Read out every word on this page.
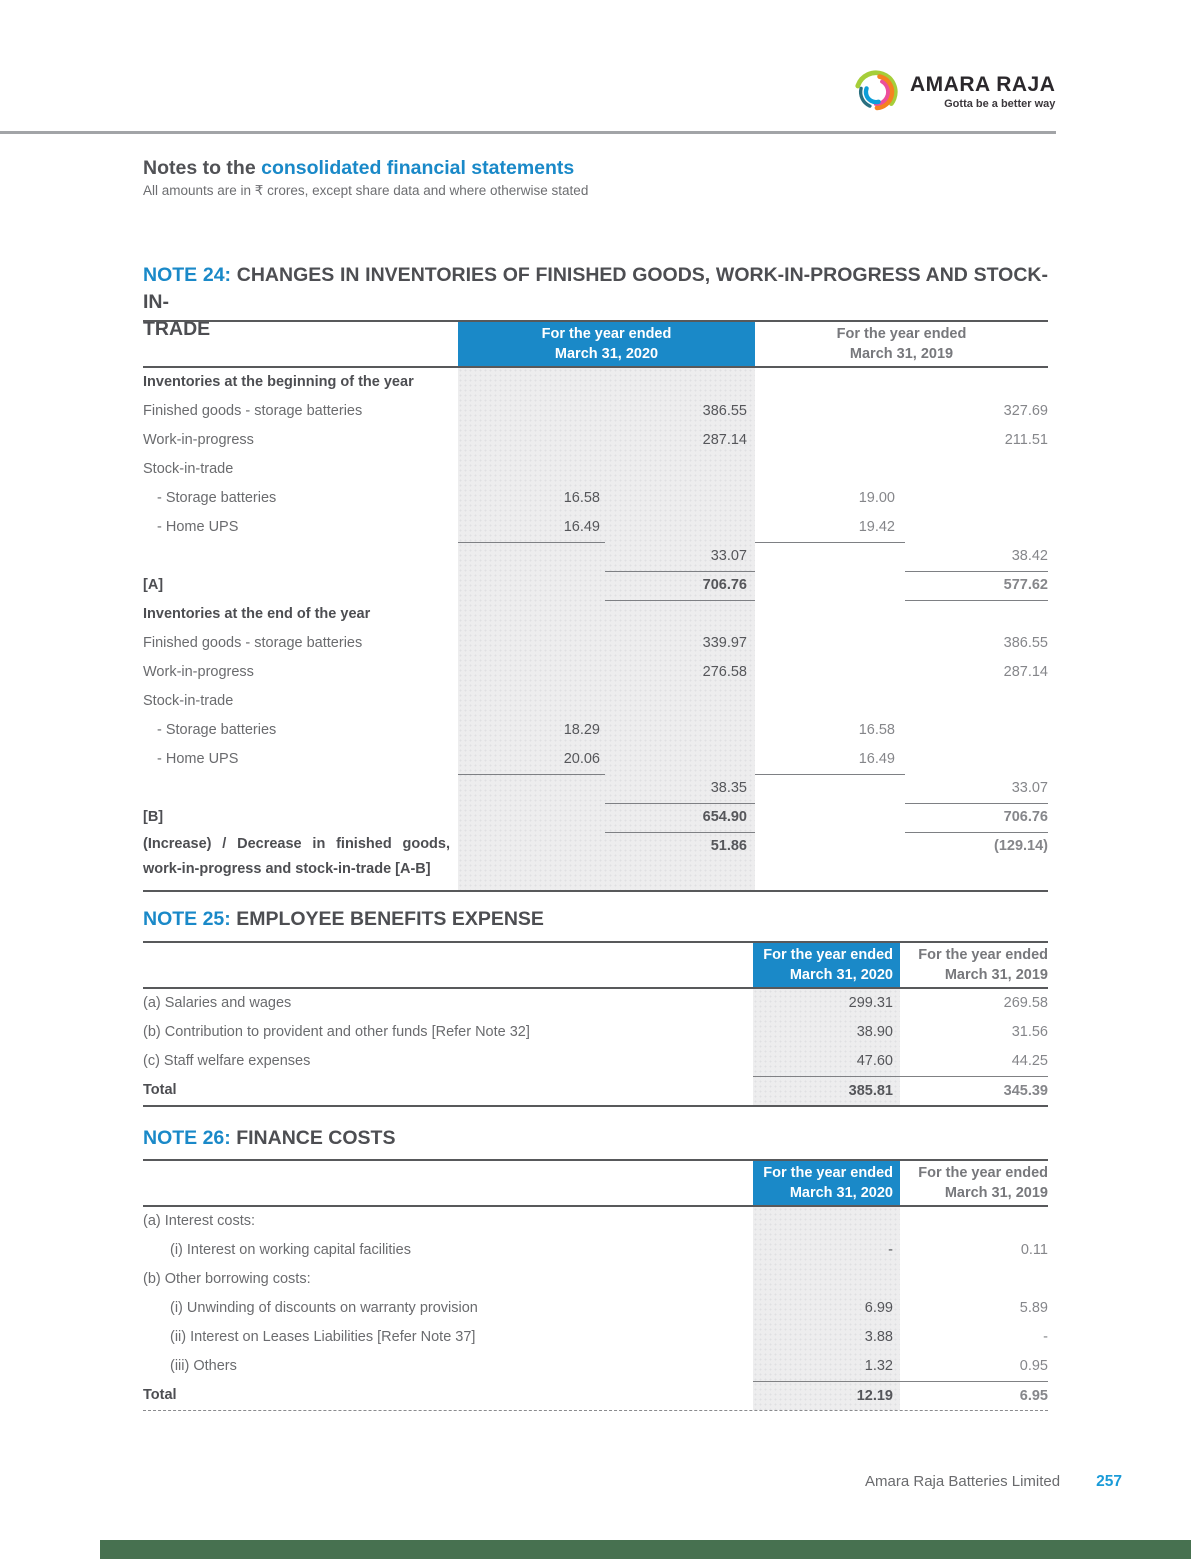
AMARA RAJA
Gotta be a better way
Notes to the consolidated financial statements

All amounts are in ₹ crores, except share data and where otherwise stated

NOTE 24: CHANGES IN INVENTORIES OF FINISHED GOODS, WORK-IN-PROGRESS AND STOCK-IN-
TRADE	For the year ended
March 31, 2020
For the year ended
March 31, 2019
Inventories at the beginning of the year
Finished goods - storage batteries	386.55	327.69
Work-in-progress	287.14	211.51
Stock-in-trade
- Storage batteries	16.58	19.00
- Home UPS	16.49	19.42
33.07	38.42
[A]	706.76	577.62
Inventories at the end of the year
Finished goods - storage batteries	339.97	386.55
Work-in-progress	276.58	287.14
Stock-in-trade
- Storage batteries	18.29	16.58
- Home UPS	20.06	16.49
38.35	33.07
[B]	654.90	706.76
(Increase) / Decrease in finished goods,
work-in-progress and stock-in-trade [A-B]
51.86	(129.14)
NOTE 25: EMPLOYEE BENEFITS EXPENSE
For the year ended
March 31, 2020
For the year ended
March 31, 2019
(a) Salaries and wages	299.31	269.58
(b) Contribution to provident and other funds [Refer Note 32]	38.90	31.56
(c) Staff welfare expenses	47.60	44.25
Total	385.81	345.39
NOTE 26: FINANCE COSTS
For the year ended
March 31, 2020
For the year ended
March 31, 2019
(a) Interest costs:
(i) Interest on working capital facilities	-	0.11
(b) Other borrowing costs:
(i) Unwinding of discounts on warranty provision	6.99	5.89
(ii) Interest on Leases Liabilities [Refer Note 37]	3.88	-
(iii) Others	1.32	0.95
Total	12.19	6.95
Amara Raja Batteries Limited 257
